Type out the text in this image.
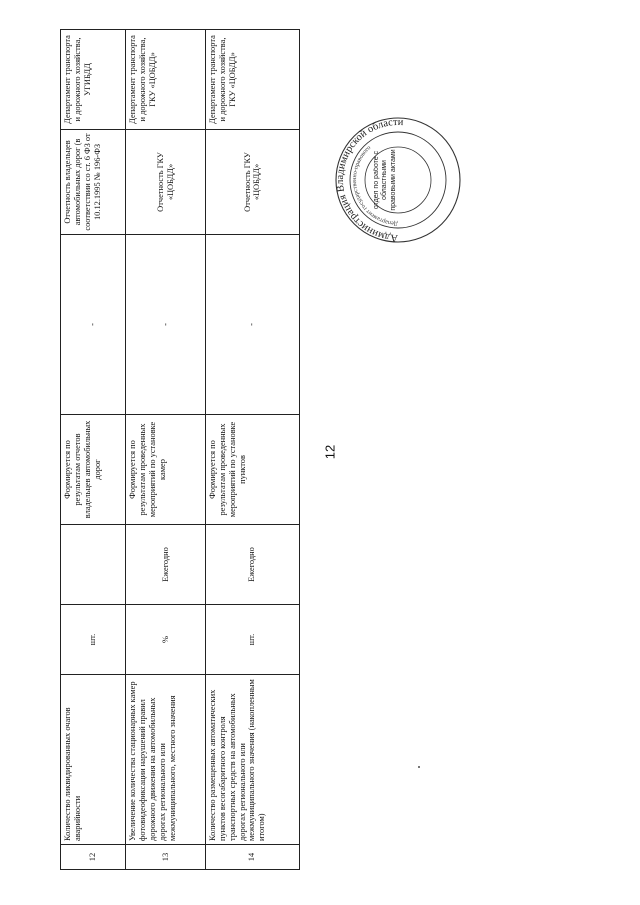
12	Количество ликвидированных очагов аварийности	шт.		Формируется по результатам отчетов владельцев автомобильных дорог	-	Отчетность владельцев автомобильных дорог (в соответствии со ст. 6 ФЗ от 10.12.1995 № 196-ФЗ	Департамент транспорта и дорожного хозяйства, УГИБДД
13	Увеличение количества стационарных камер фотовидеофиксации нарушений правил дорожного движения на автомобильных дорогах регионального или межмуниципального, местного значения	%	Ежегодно	Формируется по результатам проведенных мероприятий по установке камер	-	Отчетность ГКУ «ЦОБДД»	Департамент транспорта и дорожного хозяйства, ГКУ «ЦОБДД»
14	Количество размещенных автоматических пунктов весогабаритного контроля транспортных средств на автомобильных дорогах регионального или межмуниципального значения (накопленным итогом)	шт.	Ежегодно	Формируется по результатам проведенных мероприятий по установке пунктов	-	Отчетность ГКУ «ЦОБДД»	Департамент транспорта и дорожного хозяйства, ГКУ «ЦОБДД»
12
Администрация Владимирской области
Департамент государственно-правового
отдел по работе с областными правовыми актами
